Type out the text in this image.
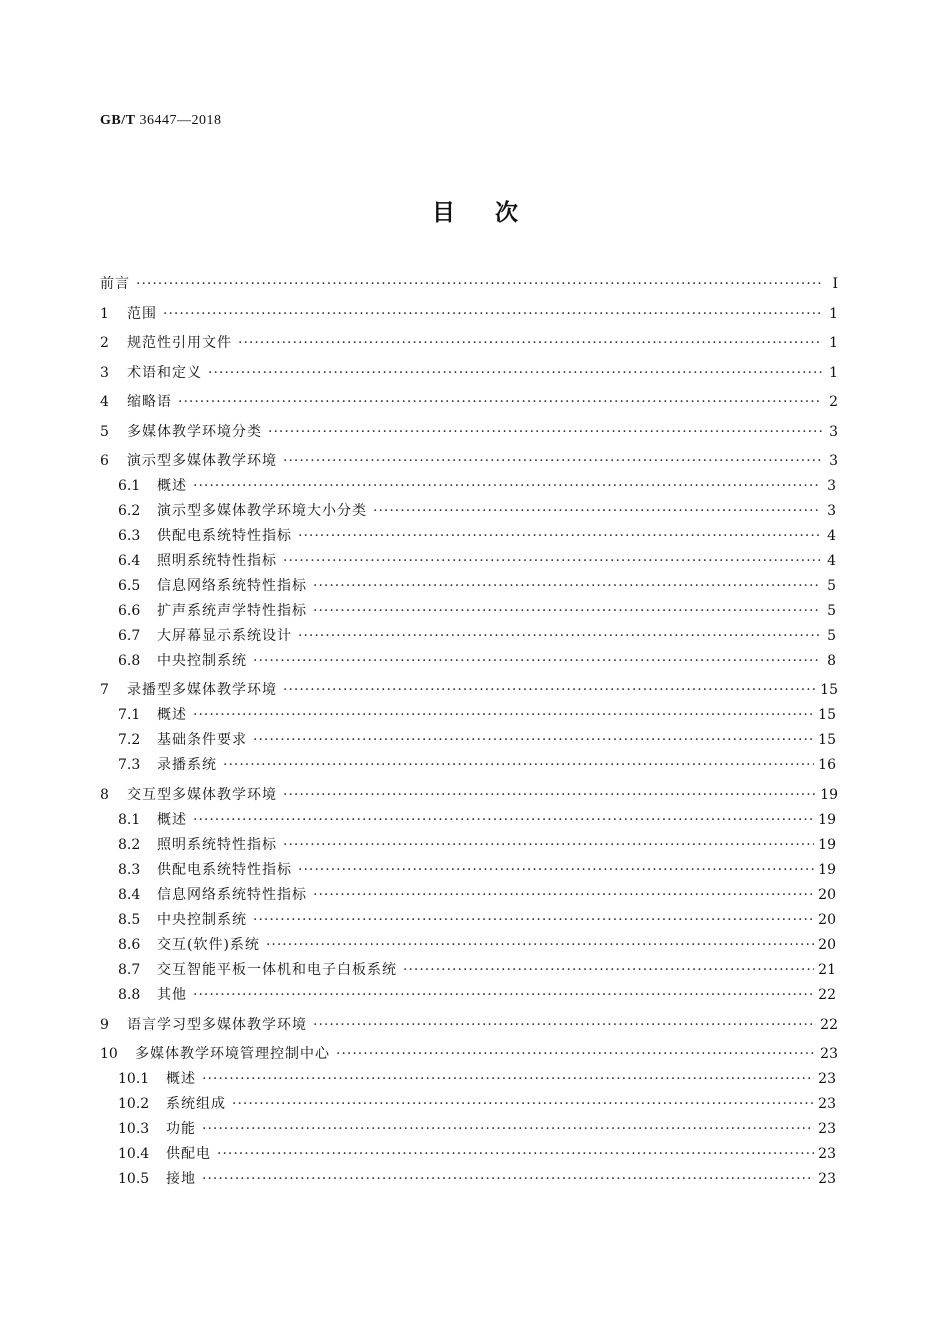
GB/T 36447—2018
目次
前言 ·····	Ⅰ
1	范围 ·····	1
2	规范性引用文件 ·····	1
3	术语和定义 ·····	1
4	缩略语 ·····	2
5	多媒体教学环境分类 ·····	3
6	演示型多媒体教学环境 ·····	3
6.1	概述 ·····	3
6.2	演示型多媒体教学环境大小分类 ·····	3
6.3	供配电系统特性指标 ·····	4
6.4	照明系统特性指标 ·····	4
6.5	信息网络系统特性指标 ·····	5
6.6	扩声系统声学特性指标 ·····	5
6.7	大屏幕显示系统设计 ·····	5
6.8	中央控制系统 ·····	8
7	录播型多媒体教学环境 ·····	15
7.1	概述 ·····	15
7.2	基础条件要求 ·····	15
7.3	录播系统 ·····	16
8	交互型多媒体教学环境 ·····	19
8.1	概述 ·····	19
8.2	照明系统特性指标 ·····	19
8.3	供配电系统特性指标 ·····	19
8.4	信息网络系统特性指标 ·····	20
8.5	中央控制系统 ·····	20
8.6	交互(软件)系统 ·····	20
8.7	交互智能平板一体机和电子白板系统 ·····	21
8.8	其他 ·····	22
9	语言学习型多媒体教学环境 ·····	22
10	多媒体教学环境管理控制中心 ·····	23
10.1	概述 ·····	23
10.2	系统组成 ·····	23
10.3	功能 ·····	23
10.4	供配电 ·····	23
10.5	接地 ·····	23
